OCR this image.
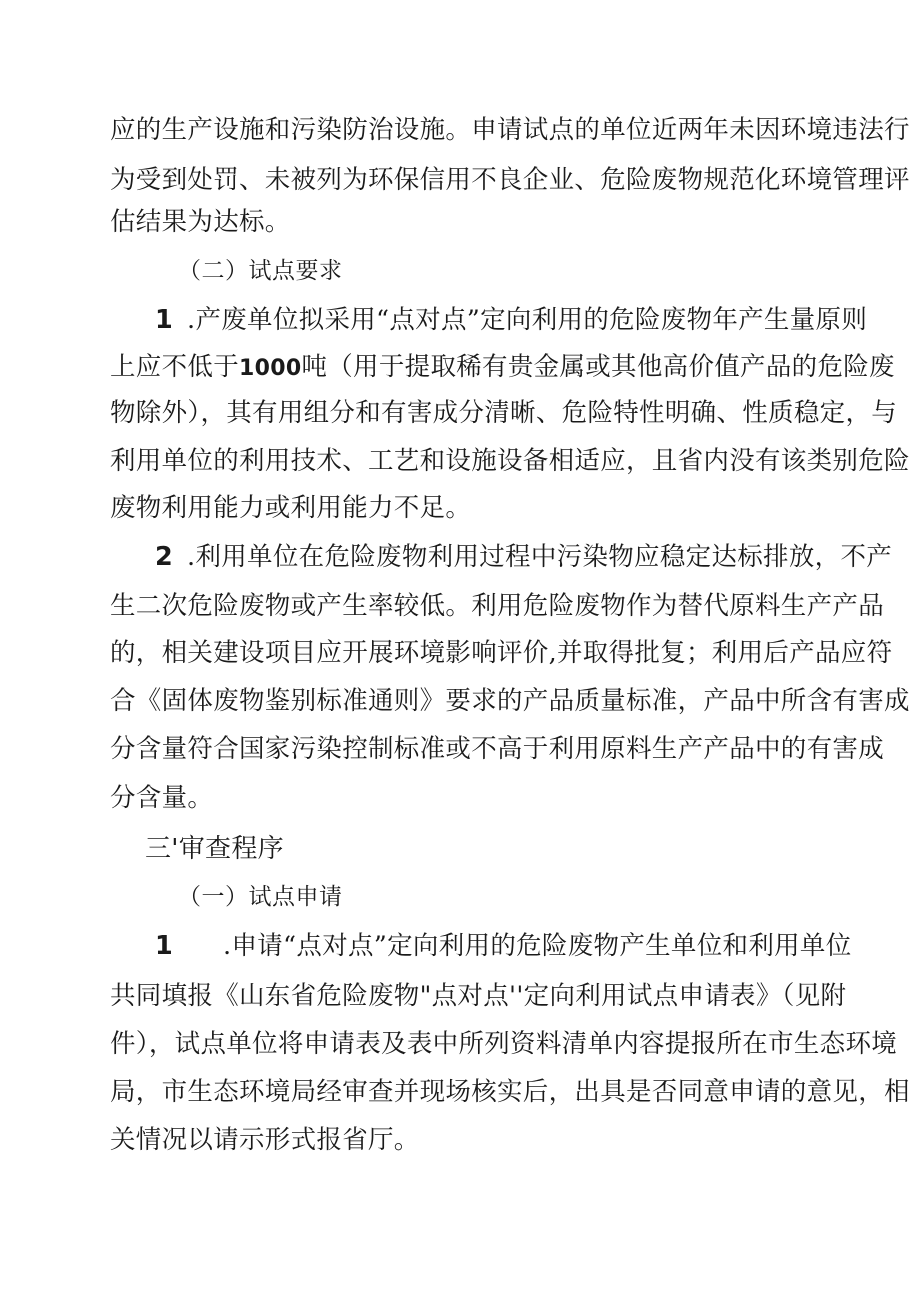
应的生产设施和污染防治设施。申请试点的单位近两年未因环境违法行
为受到处罚、未被列为环保信用不良企业、危险废物规范化环境管理评
估结果为达标。
（二）试点要求
1 .产废单位拟采用“点对点”定向利用的危险废物年产生量原则
上应不低于1000吨（用于提取稀有贵金属或其他高价值产品的危险废
物除外），其有用组分和有害成分清晰、危险特性明确、性质稳定，与
利用单位的利用技术、工艺和设施设备相适应，且省内没有该类别危险
废物利用能力或利用能力不足。
2 .利用单位在危险废物利用过程中污染物应稳定达标排放，不产
生二次危险废物或产生率较低。利用危险废物作为替代原料生产产品
的，相关建设项目应开展环境影响评价,并取得批复；利用后产品应符
合《固体废物鉴别标准通则》要求的产品质量标准，产品中所含有害成
分含量符合国家污染控制标准或不高于利用原料生产产品中的有害成
分含量。
三'审查程序
（一）试点申请
1 .申请“点对点”定向利用的危险废物产生单位和利用单位
共同填报《山东省危险废物"点对点''定向利用试点申请表》（见附
件），试点单位将申请表及表中所列资料清单内容提报所在市生态环境
局，市生态环境局经审查并现场核实后，出具是否同意申请的意见，相
关情况以请示形式报省厅。
